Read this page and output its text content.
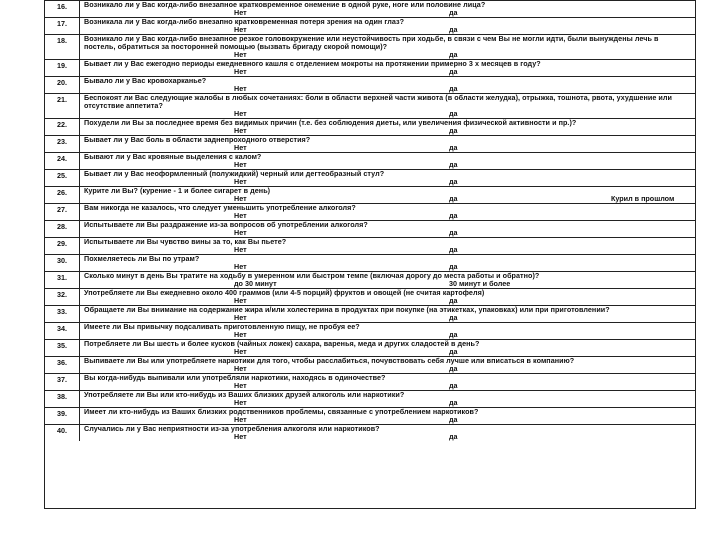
16.	Возникало ли у Вас когда-либо внезапное кратковременное онемение в одной руке, ноге или половине лица?
Нет	да
17.	Возникала ли у Вас когда-либо внезапно кратковременная потеря зрения на один глаз?
Нет	да
18.	Возникало ли у Вас когда-либо внезапное резкое головокружение или неустойчивость при ходьбе, в связи с чем Вы не могли идти, были вынуждены лечь в постель, обратиться за посторонней помощью (вызвать бригаду скорой помощи)?
Нет	да
19.	Бывает ли у Вас ежегодно периоды ежедневного кашля с отделением мокроты на протяжении примерно 3 х месяцев в году?
Нет	да
20.	Бывало ли у Вас кровохарканье?
Нет	да
21.	Беспокоят ли Вас следующие жалобы в любых сочетаниях: боли в области верхней части живота (в области желудка), отрыжка, тошнота, рвота, ухудшение или отсутствие аппетита?
Нет	да
22.	Похудели ли Вы за последнее время без видимых причин (т.е. без соблюдения диеты, или увеличения физической активности и пр.)?
Нет	да
23.	Бывает ли у Вас боль в области заднепроходного отверстия?
Нет	да
24.	Бывают ли у Вас кровяные выделения с калом?
Нет	да
25.	Бывает ли у Вас неоформленный (полужидкий) черный или дегтеобразный стул?
Нет	да
26.	Курите ли Вы? (курение - 1 и более сигарет в день)
Нет	да	Курил в прошлом
27.	Вам никогда не казалось, что следует уменьшить употребление алкоголя?
Нет	да
28.	Испытываете ли Вы раздражение из-за вопросов об употреблении алкоголя?
Нет	да
29.	Испытываете ли Вы чувство вины за то, как Вы пьете?
Нет	да
30.	Похмеляетесь ли Вы по утрам?
Нет	да
31.	Сколько минут в день Вы тратите на ходьбу в умеренном или быстром темпе (включая дорогу до места работы и обратно)?
до 30 минут	30 минут и более
32.	Употребляете ли Вы ежедневно около 400 граммов (или 4-5 порций) фруктов и овощей (не считая картофеля)
Нет	да
33.	Обращаете ли Вы внимание на содержание жира и/или холестерина в продуктах при покупке (на этикетках, упаковках) или при приготовлении?
Нет	да
34.	Имеете ли Вы привычку подсаливать приготовленную пищу, не пробуя ее?
Нет	да
35.	Потребляете ли Вы шесть и более кусков (чайных ложек) сахара, варенья, меда и других сладостей в день?
Нет	да
36.	Выпиваете ли Вы или употребляете наркотики для того, чтобы расслабиться, почувствовать себя лучше или вписаться в компанию?
Нет	да
37.	Вы когда-нибудь выпивали или употребляли наркотики, находясь в одиночестве?
Нет	да
38.	Употребляете ли Вы или кто-нибудь из Ваших близких друзей алкоголь или наркотики?
Нет	да
39.	Имеет ли кто-нибудь из Ваших близких родственников проблемы, связанные с употреблением наркотиков?
Нет	да
40.	Случались ли у Вас неприятности из-за употребления алкоголя или наркотиков?
Нет	да
